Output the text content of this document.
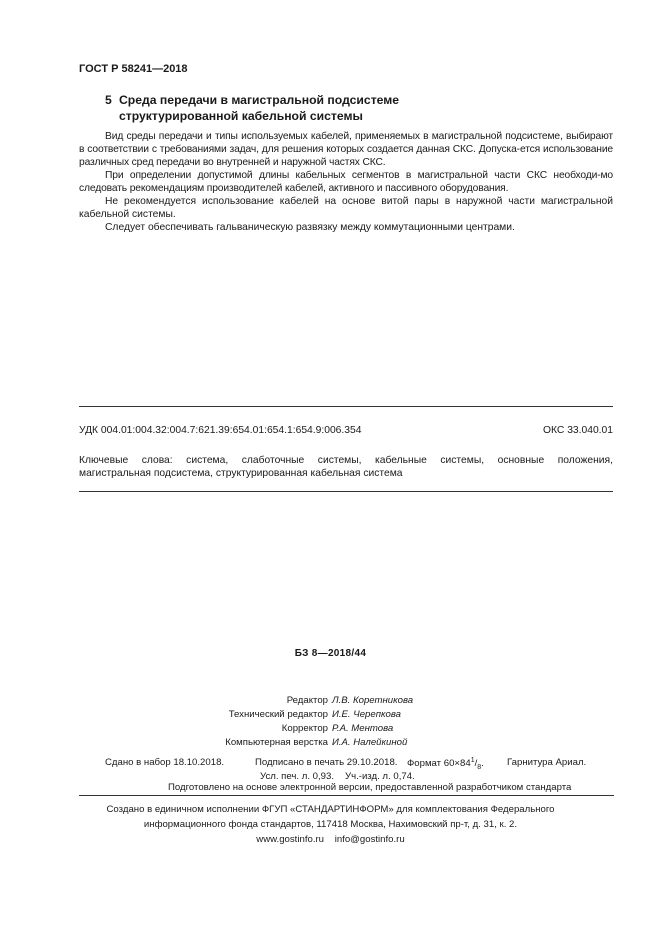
ГОСТ Р 58241—2018
5 Среда передачи в магистральной подсистеме
структурированной кабельной системы

Вид среды передачи и типы используемых кабелей, применяемых в магистральной подсистеме, выбирают в соответствии с требованиями задач, для решения которых создается данная СКС. Допуска-ется использование различных сред передачи во внутренней и наружной частях СКС.

При определении допустимой длины кабельных сегментов в магистральной части СКС необходи-мо следовать рекомендациям производителей кабелей, активного и пассивного оборудования.

Не рекомендуется использование кабелей на основе витой пары в наружной части магистральной кабельной системы.

Следует обеспечивать гальваническую развязку между коммутационными центрами.

УДК 004.01:004.32:004.7:621.39:654.01:654.1:654.9:006.354	ОКС 33.040.01
Ключевые слова: система, слаботочные системы, кабельные системы, основные положения,
магистральная подсистема, структурированная кабельная система
БЗ 8—2018/44
Редактор
Технический редактор
Корректор
Компьютерная верстка
Л.В. Коретникова
И.Е. Черепкова
Р.А. Ментова
И.А. Налейкиной
Сдано в набор 18.10.2018.	Подписано в печать 29.10.2018. Формат $60\times 84^1/_8$. Гарнитура Ариал.
Усл. печ. л. 0,93. Уч.-изд. л. 0,74.
Подготовлено на основе электронной версии, предоставленной разработчиком стандарта
Создано в единичном исполнении ФГУП «СТАНДАРТИНФОРМ» для комплектования Федерального
информационного фонда стандартов, 117418 Москва, Нахимовский пр-т, д. 31, к. 2.
www.gostinfo.ru info@gostinfo.ru
